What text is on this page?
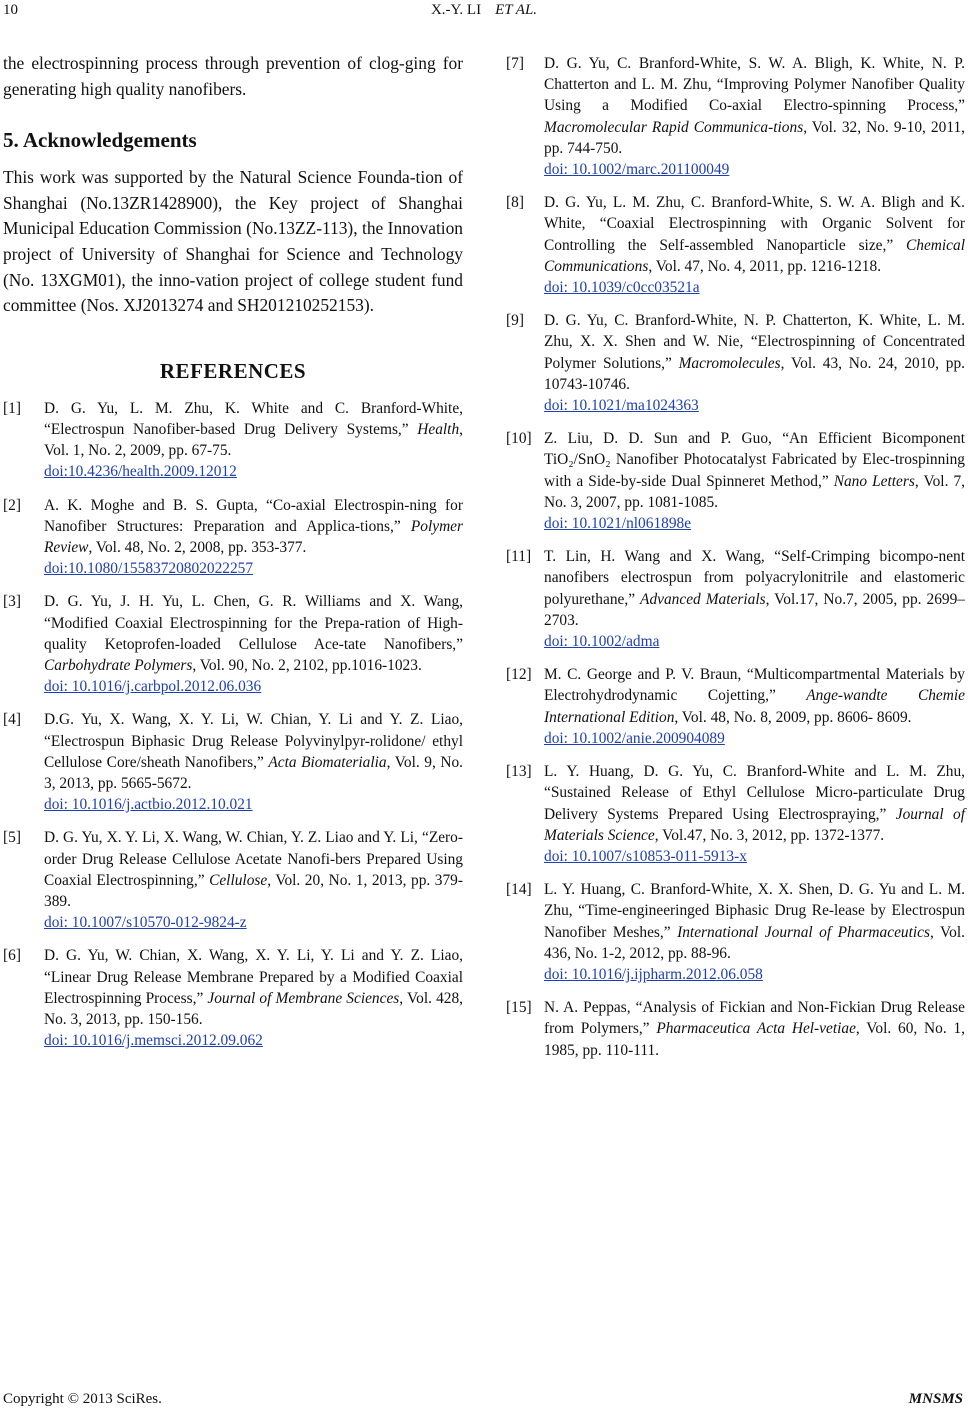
10	X.-Y. LI ET AL.

the electrospinning process through prevention of clog-ging for generating high quality nanofibers.

5. Acknowledgements

This work was supported by the Natural Science Founda-tion of Shanghai (No.13ZR1428900), the Key project of Shanghai Municipal Education Commission (No.13ZZ-113), the Innovation project of University of Shanghai for Science and Technology (No. 13XGM01), the inno-vation project of college student fund committee (Nos. XJ2013274 and SH201210252153).

REFERENCES
[1] D. G. Yu, L. M. Zhu, K. White and C. Branford-White, “Electrospun Nanofiber-based Drug Delivery Systems,” Health, Vol. 1, No. 2, 2009, pp. 67-75.
doi:10.4236/health.2009.12012
[2] A. K. Moghe and B. S. Gupta, “Co‐axial Electrospin-ning for Nanofiber Structures: Preparation and Applica-tions,” Polymer Review, Vol. 48, No. 2, 2008, pp. 353‐377.
doi:10.1080/15583720802022257
[3] D. G. Yu, J. H. Yu, L. Chen, G. R. Williams and X. Wang, “Modified Coaxial Electrospinning for the Prepa-ration of High-quality Ketoprofen-loaded Cellulose Ace-tate Nanofibers,” Carbohydrate Polymers, Vol. 90, No. 2, 2102, pp.1016-1023.
doi: 10.1016/j.carbpol.2012.06.036
[4] D.G. Yu, X. Wang, X. Y. Li, W. Chian, Y. Li and Y. Z. Liao, “Electrospun Biphasic Drug Release Polyvinylpyr-rolidone/ ethyl Cellulose Core/sheath Nanofibers,” Acta Biomaterialia, Vol. 9, No. 3, 2013, pp. 5665-5672.
doi: 10.1016/j.actbio.2012.10.021
[5] D. G. Yu, X. Y. Li, X. Wang, W. Chian, Y. Z. Liao and Y. Li, “Zero-order Drug Release Cellulose Acetate Nanofi-bers Prepared Using Coaxial Electrospinning,” Cellulose, Vol. 20, No. 1, 2013, pp. 379-389.
doi: 10.1007/s10570-012-9824-z
[6] D. G. Yu, W. Chian, X. Wang, X. Y. Li, Y. Li and Y. Z. Liao, “Linear Drug Release Membrane Prepared by a Modified Coaxial Electrospinning Process,” Journal of Membrane Sciences, Vol. 428, No. 3, 2013, pp. 150-156.
doi: 10.1016/j.memsci.2012.09.062
[7] D. G. Yu, C. Branford-White, S. W. A. Bligh, K. White, N. P. Chatterton and L. M. Zhu, “Improving Polymer Nanofiber Quality Using a Modified Co-axial Electro-spinning Process,” Macromolecular Rapid Communica-tions, Vol. 32, No. 9-10, 2011, pp. 744-750.
doi: 10.1002/marc.201100049
[8] D. G. Yu, L. M. Zhu, C. Branford-White, S. W. A. Bligh and K. White, “Coaxial Electrospinning with Organic Solvent for Controlling the Self-assembled Nanoparticle size,” Chemical Communications, Vol. 47, No. 4, 2011, pp. 1216-1218.
doi: 10.1039/c0cc03521a
[9] D. G. Yu, C. Branford-White, N. P. Chatterton, K. White, L. M. Zhu, X. X. Shen and W. Nie, “Electrospinning of Concentrated Polymer Solutions,” Macromolecules, Vol. 43, No. 24, 2010, pp. 10743-10746.
doi: 10.1021/ma1024363
[10] Z. Liu, D. D. Sun and P. Guo, “An Efficient Bicomponent TiO₂/SnO₂ Nanofiber Photocatalyst Fabricated by Elec-trospinning with a Side-by-side Dual Spinneret Method,” Nano Letters, Vol. 7, No. 3, 2007, pp. 1081-1085.
doi: 10.1021/nl061898e
[11] T. Lin, H. Wang and X. Wang, “Self-Crimping bicompo-nent nanofibers electrospun from polyacrylonitrile and elastomeric polyurethane,” Advanced Materials, Vol.17, No.7, 2005, pp. 2699–2703.
doi: 10.1002/adma
[12] M. C. George and P. V. Braun, “Multicompartmental Materials by Electrohydrodynamic Cojetting,” Ange-wandte Chemie International Edition, Vol. 48, No. 8, 2009, pp. 8606- 8609.
doi: 10.1002/anie.200904089
[13] L. Y. Huang, D. G. Yu, C. Branford-White and L. M. Zhu, “Sustained Release of Ethyl Cellulose Micro-particulate Drug Delivery Systems Prepared Using Electrospraying,” Journal of Materials Science, Vol.47, No. 3, 2012, pp. 1372-1377.
doi: 10.1007/s10853-011-5913-x
[14] L. Y. Huang, C. Branford-White, X. X. Shen, D. G. Yu and L. M. Zhu, “Time-engineeringed Biphasic Drug Re-lease by Electrospun Nanofiber Meshes,” International Journal of Pharmaceutics, Vol. 436, No. 1-2, 2012, pp. 88-96.
doi: 10.1016/j.ijpharm.2012.06.058
[15] N. A. Peppas, “Analysis of Fickian and Non-Fickian Drug Release from Polymers,” Pharmaceutica Acta Hel-vetiae, Vol. 60, No. 1, 1985, pp. 110-111.
Copyright © 2013 SciRes.	MNSMS
